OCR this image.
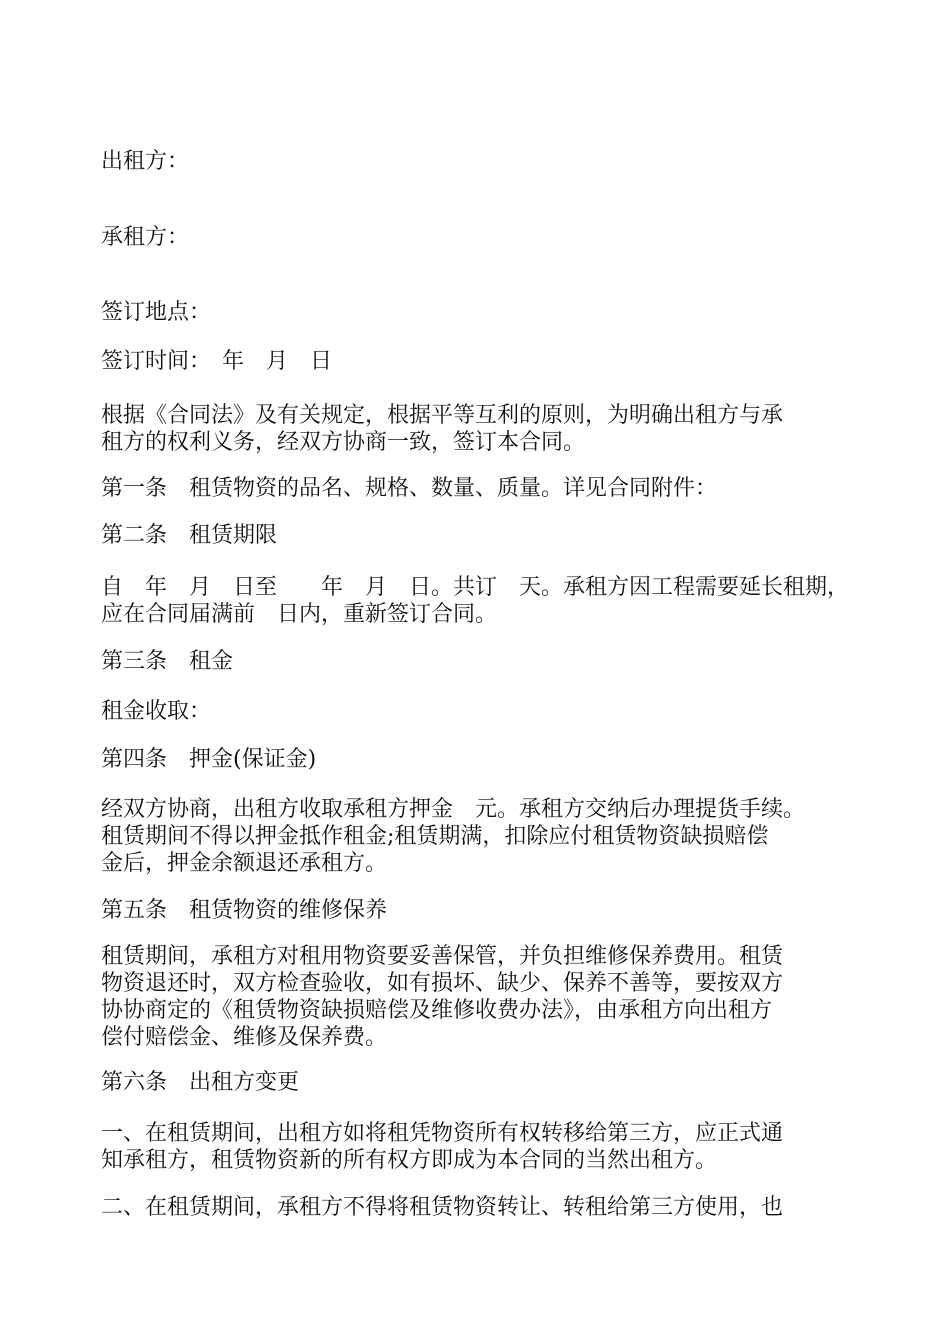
出租方：

承租方：

签订地点：

签订时间：　年　月　日

根据《合同法》及有关规定，根据平等互利的原则，为明确出租方与承
租方的权利义务，经双方协商一致，签订本合同。

第一条　租赁物资的品名、规格、数量、质量。详见合同附件：

第二条　租赁期限

自　年　月　日至　　年　月　日。共订　天。承租方因工程需要延长租期，
应在合同届满前　日内，重新签订合同。

第三条　租金

租金收取：

第四条　押金(保证金)

经双方协商，出租方收取承租方押金　元。承租方交纳后办理提货手续。
租赁期间不得以押金抵作租金;租赁期满，扣除应付租赁物资缺损赔偿
金后，押金余额退还承租方。

第五条　租赁物资的维修保养

租赁期间，承租方对租用物资要妥善保管，并负担维修保养费用。租赁
物资退还时，双方检查验收，如有损坏、缺少、保养不善等，要按双方
协协商定的《租赁物资缺损赔偿及维修收费办法》，由承租方向出租方
偿付赔偿金、维修及保养费。

第六条　出租方变更

一、在租赁期间，出租方如将租凭物资所有权转移给第三方，应正式通
知承租方，租赁物资新的所有权方即成为本合同的当然出租方。
二、在租赁期间，承租方不得将租赁物资转让、转租给第三方使用，也
